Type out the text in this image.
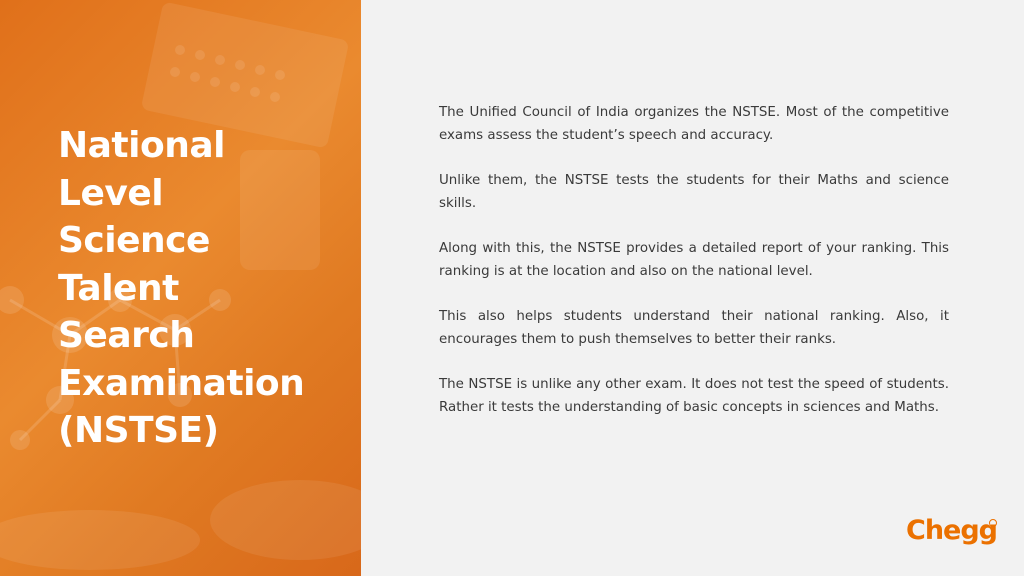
National
Level
Science
Talent
Search
Examination
(NSTSE)

The Unified Council of India organizes the NSTSE. Most of the competitive exams assess the student’s speech and accuracy.

Unlike them, the NSTSE tests the students for their Maths and science skills.

Along with this, the NSTSE provides a detailed report of your ranking. This ranking is at the location and also on the national level.

This also helps students understand their national ranking. Also, it encourages them to push themselves to better their ranks.

The NSTSE is unlike any other exam. It does not test the speed of students. Rather it tests the understanding of basic concepts in sciences and Maths.

Chegg
